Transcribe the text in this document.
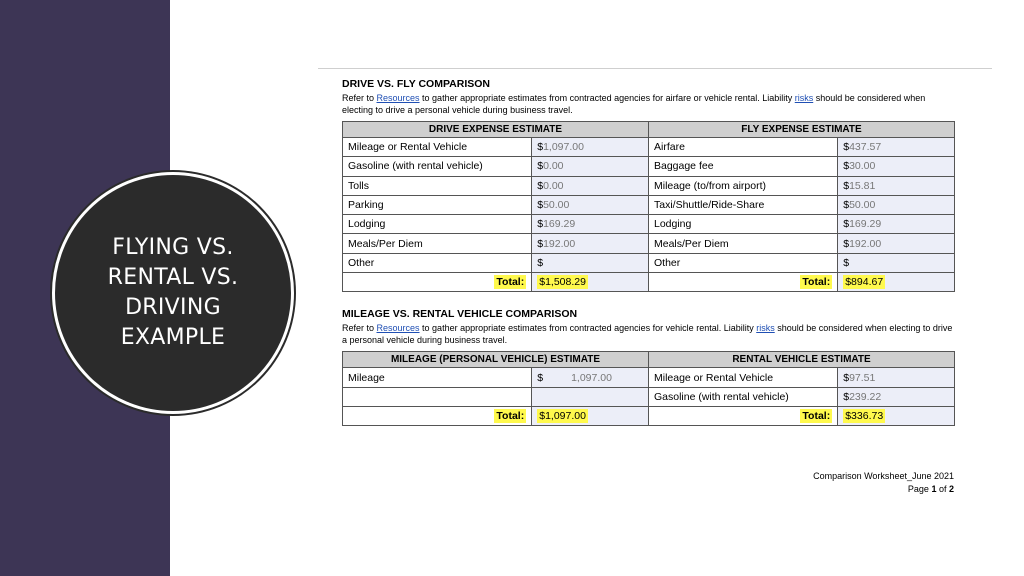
FLYING VS.
RENTAL VS.
DRIVING
EXAMPLE

DRIVE VS. FLY COMPARISON

Refer to Resources to gather appropriate estimates from contracted agencies for airfare or vehicle rental. Liability risks should be considered when electing to drive a personal vehicle during business travel.

DRIVE EXPENSE ESTIMATE		FLY EXPENSE ESTIMATE	
Mileage or Rental Vehicle	$1,097.00	Airfare	$437.57
Gasoline (with rental vehicle)	$0.00	Baggage fee	$30.00
Tolls	$0.00	Mileage (to/from airport)	$15.81
Parking	$50.00	Taxi/Shuttle/Ride-Share	$50.00
Lodging	$169.29	Lodging	$169.29
Meals/Per Diem	$192.00	Meals/Per Diem	$192.00
Other	$	Other	$
Total:	$1,508.29	Total:	$894.67

MILEAGE VS. RENTAL VEHICLE COMPARISON

Refer to Resources to gather appropriate estimates from contracted agencies for vehicle rental. Liability risks should be considered when electing to drive a personal vehicle during business travel.

MILEAGE (PERSONAL VEHICLE) ESTIMATE		RENTAL VEHICLE ESTIMATE	
Mileage	$ 1,097.00	Mileage or Rental Vehicle	$97.51
		Gasoline (with rental vehicle)	$239.22
Total:	$1,097.00	Total:	$336.73
Comparison Worksheet_June 2021
Page 1 of 2
